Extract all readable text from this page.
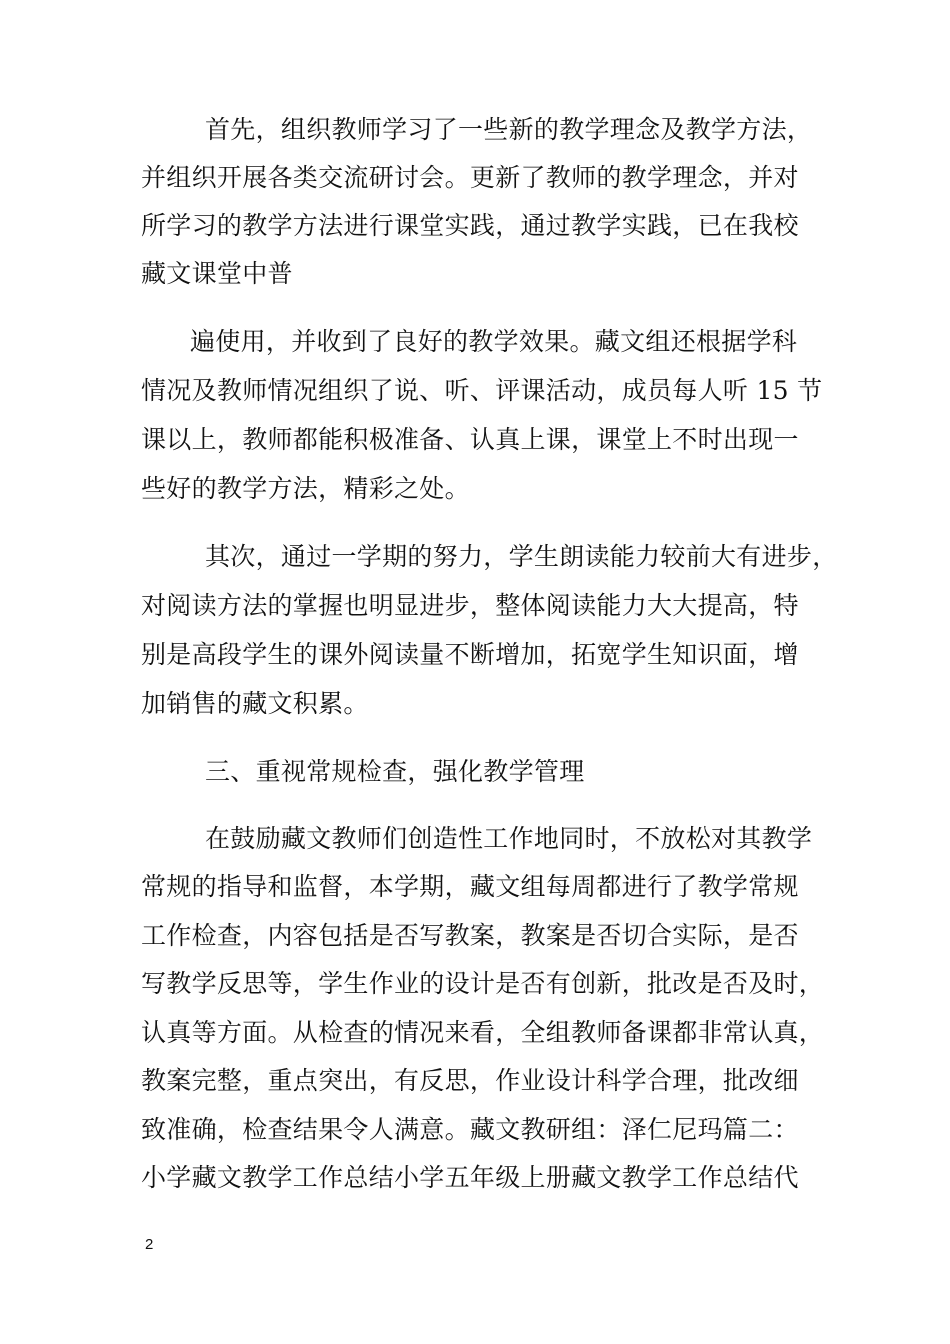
首先，组织教师学习了一些新的教学理念及教学方法，
并组织开展各类交流研讨会。更新了教师的教学理念，并对
所学习的教学方法进行课堂实践，通过教学实践，已在我校
藏文课堂中普
遍使用，并收到了良好的教学效果。藏文组还根据学科
情况及教师情况组织了说、听、评课活动，成员每人听 15 节
课以上，教师都能积极准备、认真上课，课堂上不时出现一
些好的教学方法，精彩之处。
其次，通过一学期的努力，学生朗读能力较前大有进步，
对阅读方法的掌握也明显进步，整体阅读能力大大提高，特
别是高段学生的课外阅读量不断增加，拓宽学生知识面，增
加销售的藏文积累。
三、重视常规检查，强化教学管理
在鼓励藏文教师们创造性工作地同时，不放松对其教学
常规的指导和监督，本学期，藏文组每周都进行了教学常规
工作检查，内容包括是否写教案，教案是否切合实际，是否
写教学反思等，学生作业的设计是否有创新，批改是否及时，
认真等方面。从检查的情况来看，全组教师备课都非常认真，
教案完整，重点突出，有反思，作业设计科学合理，批改细
致准确，检查结果令人满意。藏文教研组：泽仁尼玛篇二：
小学藏文教学工作总结小学五年级上册藏文教学工作总结代
2
